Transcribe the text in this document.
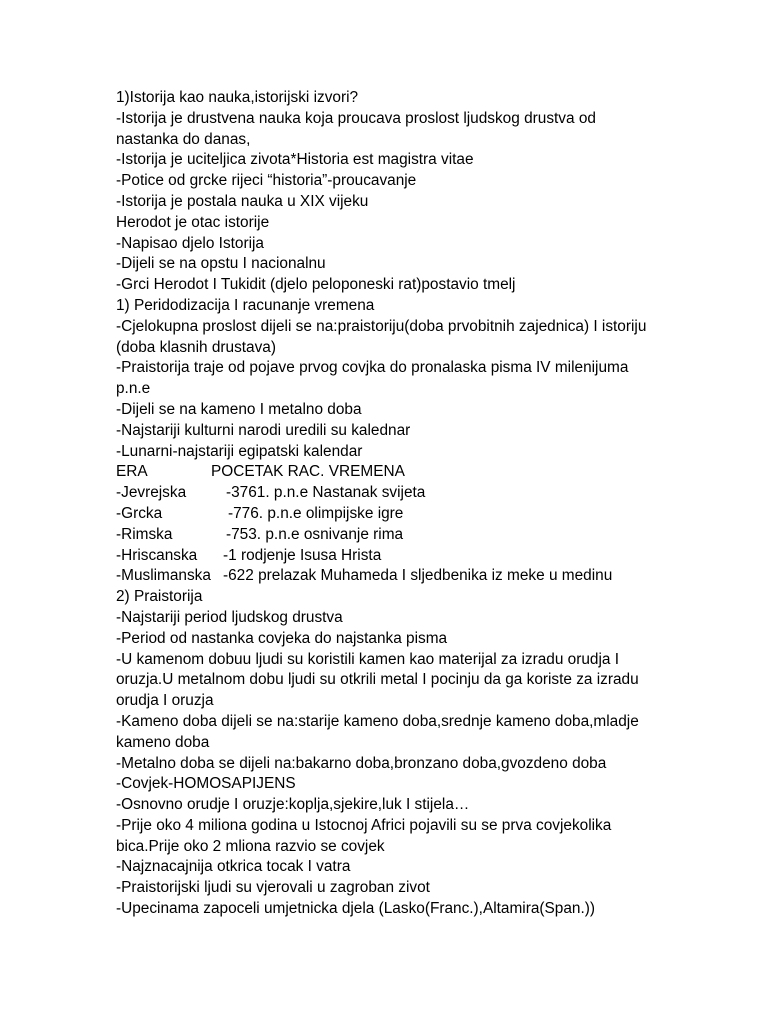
1)Istorija kao nauka,istorijski izvori?
-Istorija je drustvena nauka koja proucava proslost ljudskog drustva od nastanka do danas,
-Istorija je uciteljica zivota*Historia est magistra vitae
-Potice od grcke rijeci “historia”-proucavanje
-Istorija je postala nauka u XIX vijeku
Herodot je otac istorije
-Napisao djelo Istorija
-Dijeli se na opstu I nacionalnu
-Grci Herodot I Tukidit (djelo peloponeski rat)postavio tmelj
1) Peridodizacija I racunanje vremena
-Cjelokupna proslost dijeli se na:praistoriju(doba prvobitnih zajednica) I istoriju (doba klasnih drustava)
-Praistorija traje od pojave prvog covjka do pronalaska pisma IV milenijuma p.n.e
-Dijeli se na kameno I metalno doba
-Najstariji kulturni narodi uredili su kalednar
-Lunarni-najstariji egipatski kalendar
ERA	POCETAK RAC. VREMENA
-Jevrejska	-3761. p.n.e Nastanak svijeta
-Grcka	-776. p.n.e olimpijske igre
-Rimska	-753. p.n.e osnivanje rima
-Hriscanska	-1 rodjenje Isusa Hrista
-Muslimanska -622 prelazak Muhameda I sljedbenika iz meke u medinu
2) Praistorija
-Najstariji period ljudskog drustva
-Period od nastanka covjeka do najstanka pisma
-U kamenom dobuu ljudi su koristili kamen kao materijal za izradu orudja I oruzja.U metalnom dobu ljudi su otkrili metal I pocinju da ga koriste za izradu orudja I oruzja
-Kameno doba dijeli se na:starije kameno doba,srednje kameno doba,mladje kameno doba
-Metalno doba se dijeli na:bakarno doba,bronzano doba,gvozdeno doba
-Covjek-HOMOSAPIJENS
-Osnovno orudje I oruzje:koplja,sjekire,luk I stijela…
-Prije oko 4 miliona godina u Istocnoj Africi pojavili su se prva covjekolika bica.Prije oko 2 mliona razvio se covjek
-Najznacajnija otkrica tocak I vatra
-Praistorijski ljudi su vjerovali u zagroban zivot
-Upecinama zapoceli umjetnicka djela (Lasko(Franc.),Altamira(Span.))
